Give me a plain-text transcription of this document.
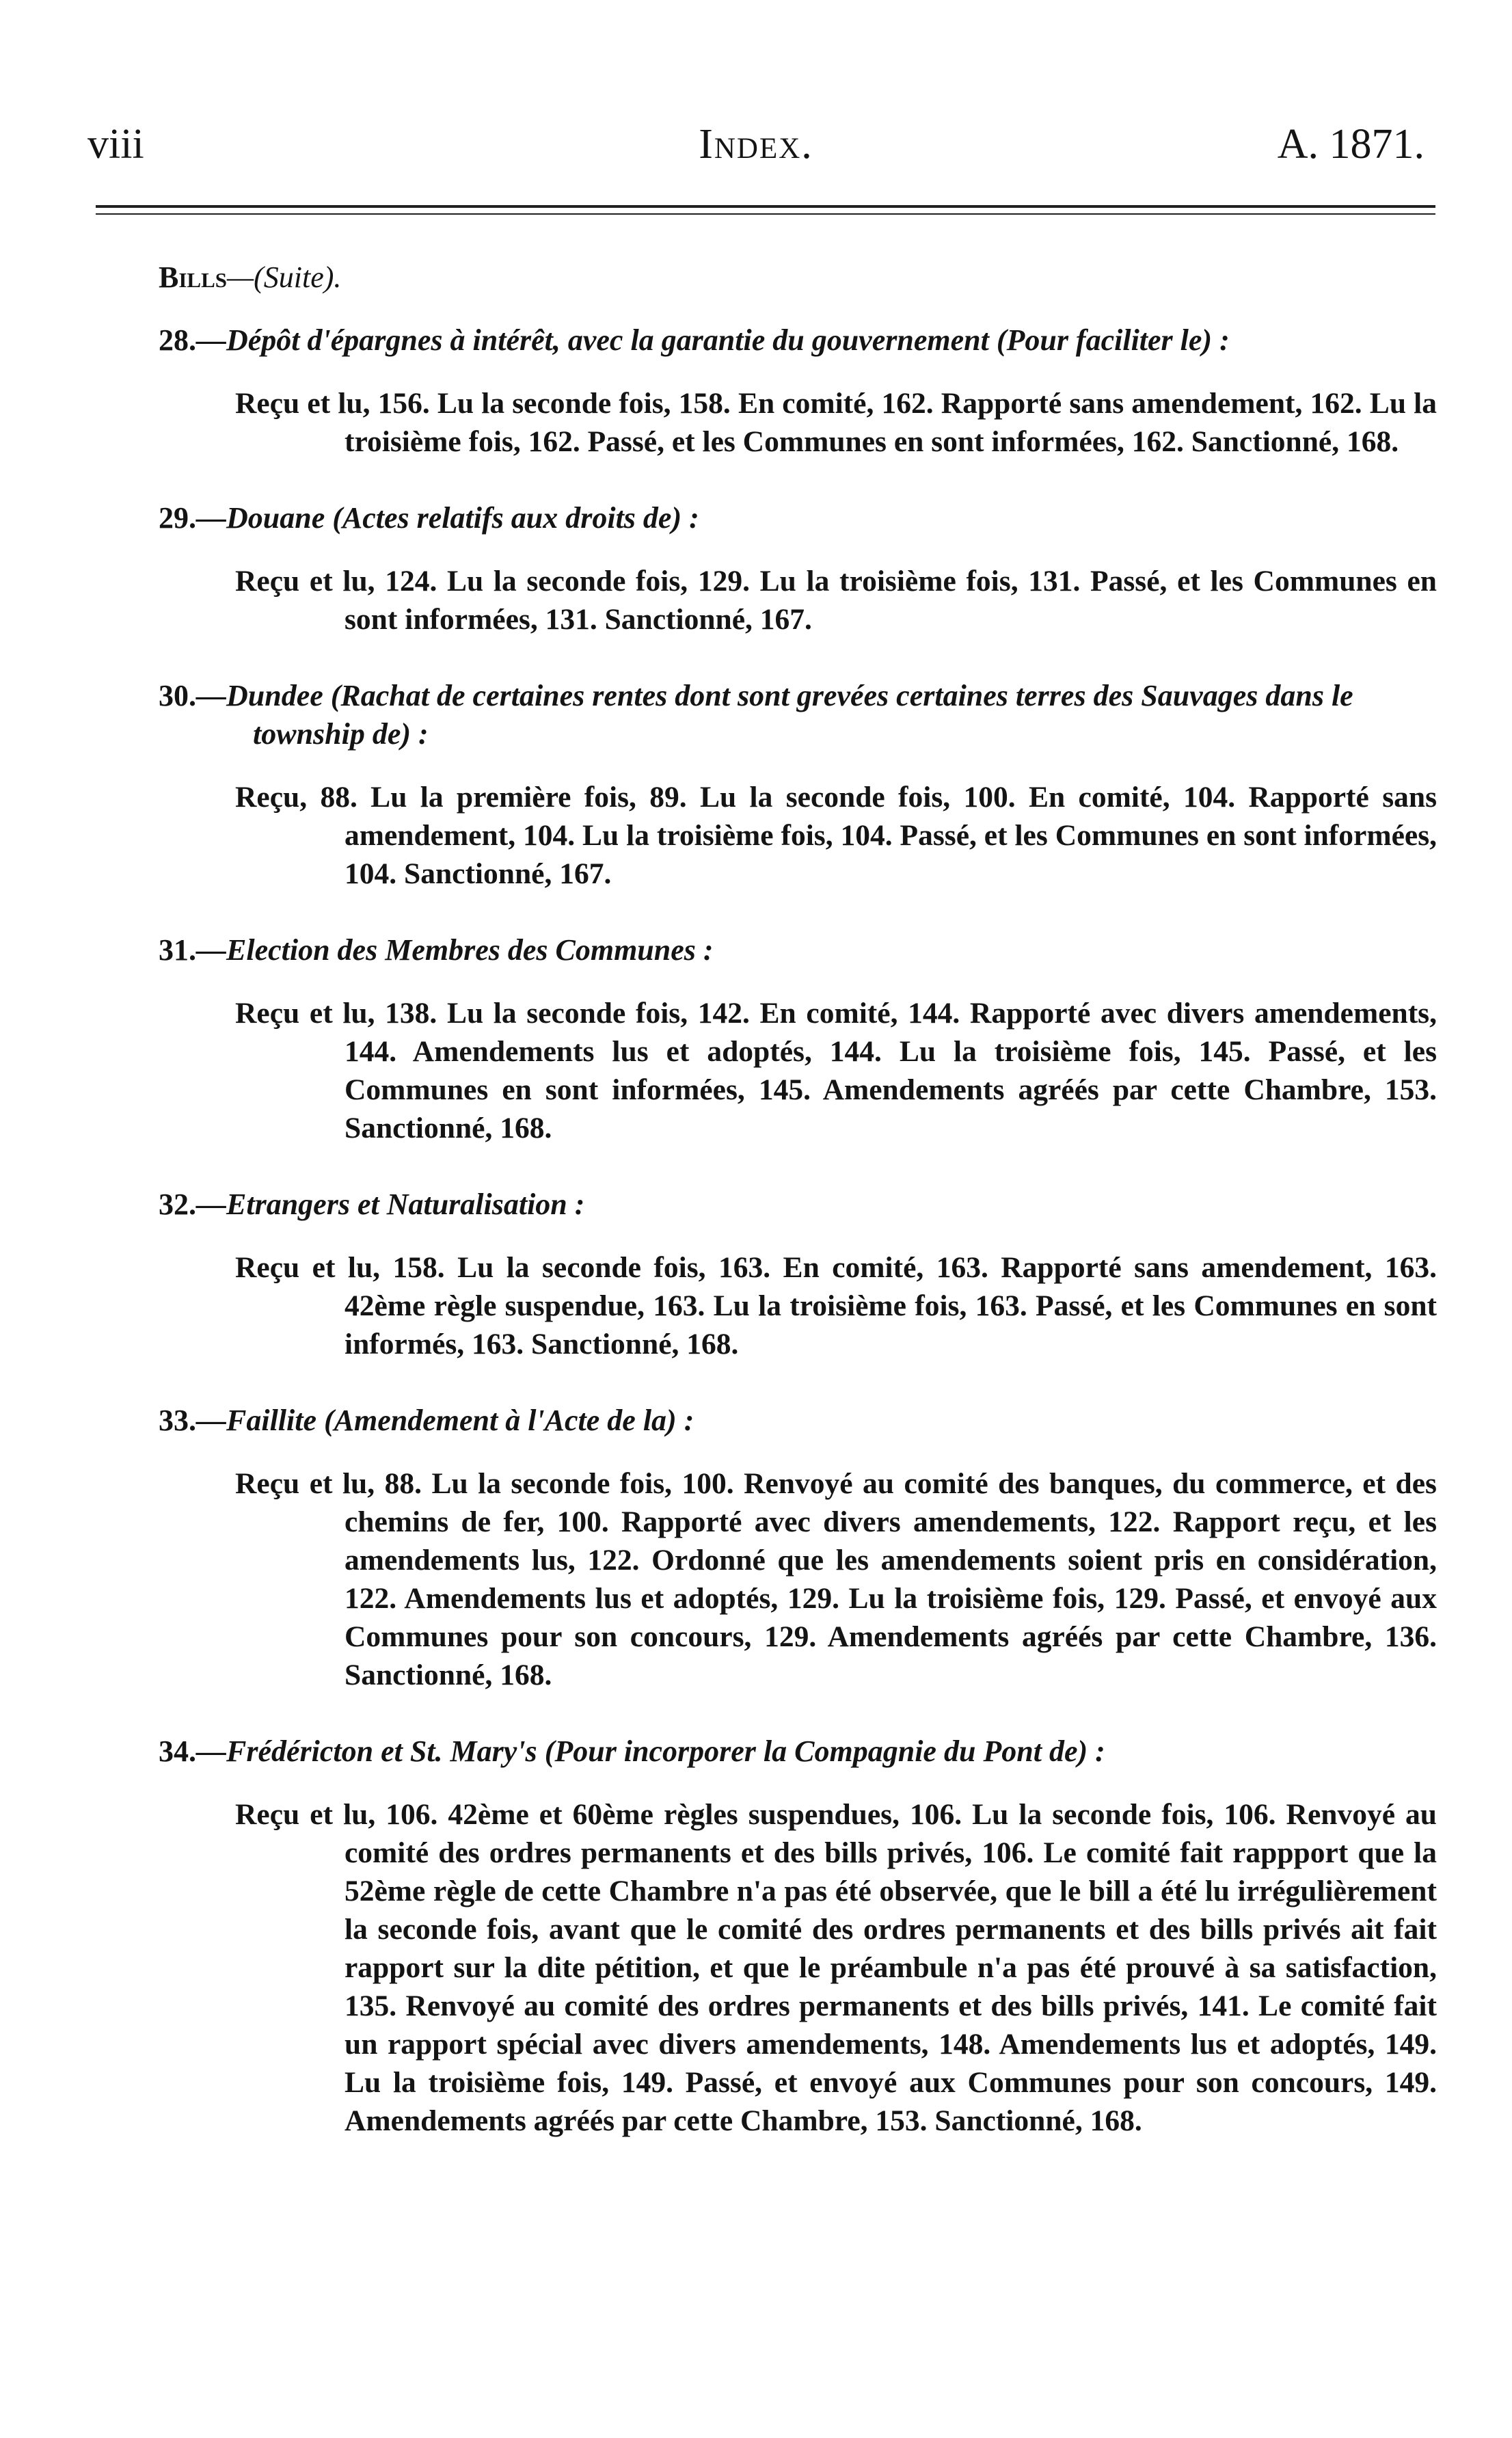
viii	Index.	A. 1871.
Bills—(Suite).
28.—Dépôt d'épargnes à intérêt, avec la garantie du gouvernement (Pour faciliter le) :
Reçu et lu, 156. Lu la seconde fois, 158. En comité, 162. Rapporté sans amendement, 162. Lu la troisième fois, 162. Passé, et les Communes en sont informées, 162. Sanctionné, 168.
29.—Douane (Actes relatifs aux droits de) :
Reçu et lu, 124. Lu la seconde fois, 129. Lu la troisième fois, 131. Passé, et les Communes en sont informées, 131. Sanctionné, 167.
30.—Dundee (Rachat de certaines rentes dont sont grevées certaines terres des Sauvages dans le township de) :
Reçu, 88. Lu la première fois, 89. Lu la seconde fois, 100. En comité, 104. Rapporté sans amendement, 104. Lu la troisième fois, 104. Passé, et les Communes en sont informées, 104. Sanctionné, 167.
31.—Election des Membres des Communes :
Reçu et lu, 138. Lu la seconde fois, 142. En comité, 144. Rapporté avec divers amendements, 144. Amendements lus et adoptés, 144. Lu la troisième fois, 145. Passé, et les Communes en sont informées, 145. Amendements agréés par cette Chambre, 153. Sanctionné, 168.
32.—Etrangers et Naturalisation :
Reçu et lu, 158. Lu la seconde fois, 163. En comité, 163. Rapporté sans amendement, 163. 42ème règle suspendue, 163. Lu la troisième fois, 163. Passé, et les Communes en sont informés, 163. Sanctionné, 168.
33.—Faillite (Amendement à l'Acte de la) :
Reçu et lu, 88. Lu la seconde fois, 100. Renvoyé au comité des banques, du commerce, et des chemins de fer, 100. Rapporté avec divers amendements, 122. Rapport reçu, et les amendements lus, 122. Ordonné que les amendements soient pris en considération, 122. Amendements lus et adoptés, 129. Lu la troisième fois, 129. Passé, et envoyé aux Communes pour son concours, 129. Amendements agréés par cette Chambre, 136. Sanctionné, 168.
34.—Frédéricton et St. Mary's (Pour incorporer la Compagnie du Pont de) :
Reçu et lu, 106. 42ème et 60ème règles suspendues, 106. Lu la seconde fois, 106. Renvoyé au comité des ordres permanents et des bills privés, 106. Le comité fait rappport que la 52ème règle de cette Chambre n'a pas été observée, que le bill a été lu irrégulièrement la seconde fois, avant que le comité des ordres permanents et des bills privés ait fait rapport sur la dite pétition, et que le préambule n'a pas été prouvé à sa satisfaction, 135. Renvoyé au comité des ordres permanents et des bills privés, 141. Le comité fait un rapport spécial avec divers amendements, 148. Amendements lus et adoptés, 149. Lu la troisième fois, 149. Passé, et envoyé aux Communes pour son concours, 149. Amendements agréés par cette Chambre, 153. Sanctionné, 168.
